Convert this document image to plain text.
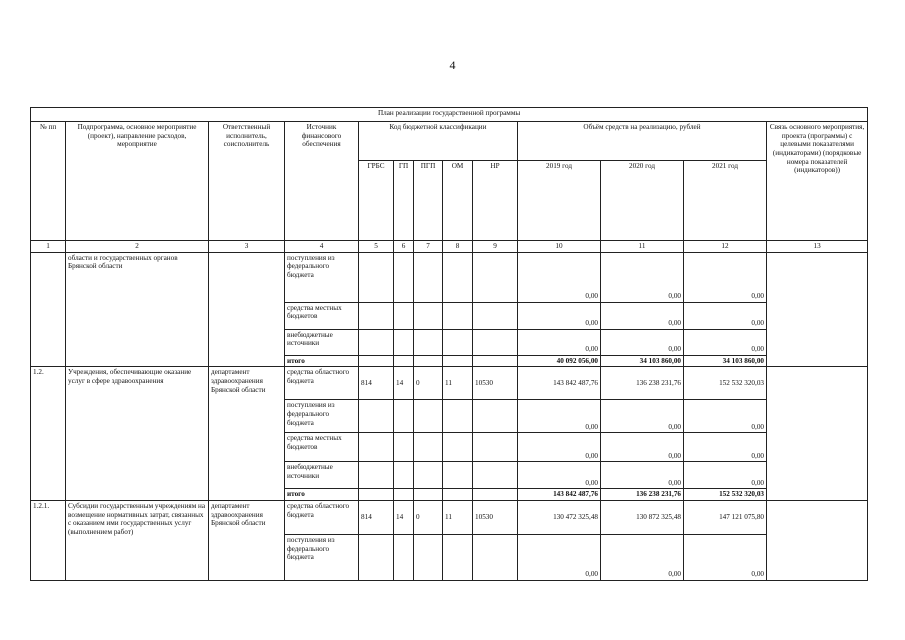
4
План реализации государственной программы												
№ пп	Подпрограмма, основное мероприятие (проект), направление расходов, мероприятие	Ответственный исполнитель, соисполнитель	Источник финансового обеспечения	Код бюджетной классификации					Объём средств на реализацию, рублей			Связь основного мероприятия, проекта (программы) с целевыми показателями (индикаторами) (порядковые номера показателей (индикаторов))
				ГРБС	ГП	ПГП	ОМ	НР	2019 год	2020 год	2021 год	
1	2	3	4	5	6	7	8	9	10	11	12	13
	области и государственных органов Брянской области		поступления из федерального бюджета						0,00	0,00	0,00	
			средства местных бюджетов						0,00	0,00	0,00	
			внебюджетные источники						0,00	0,00	0,00	
			итого						40 092 056,00	34 103 860,00	34 103 860,00	
1.2.	Учреждения, обеспечивающие оказание услуг в сфере здравоохранения	департамент здравоохранения Брянской области	средства областного бюджета	814	14	0	11	10530	143 842 487,76	136 238 231,76	152 532 320,03	
			поступления из федерального бюджета						0,00	0,00	0,00	
			средства местных бюджетов						0,00	0,00	0,00	
			внебюджетные источники						0,00	0,00	0,00	
			итого						143 842 487,76	136 238 231,76	152 532 320,03	
1.2.1.	Субсидии государственным учреждениям на возмещение нормативных затрат, связанных с оказанием ими государственных услуг (выполнением работ)	департамент здравоохранения Брянской области	средства областного бюджета	814	14	0	11	10530	130 472 325,48	130 872 325,48	147 121 075,80	
			поступления из федерального бюджета						0,00	0,00	0,00	
